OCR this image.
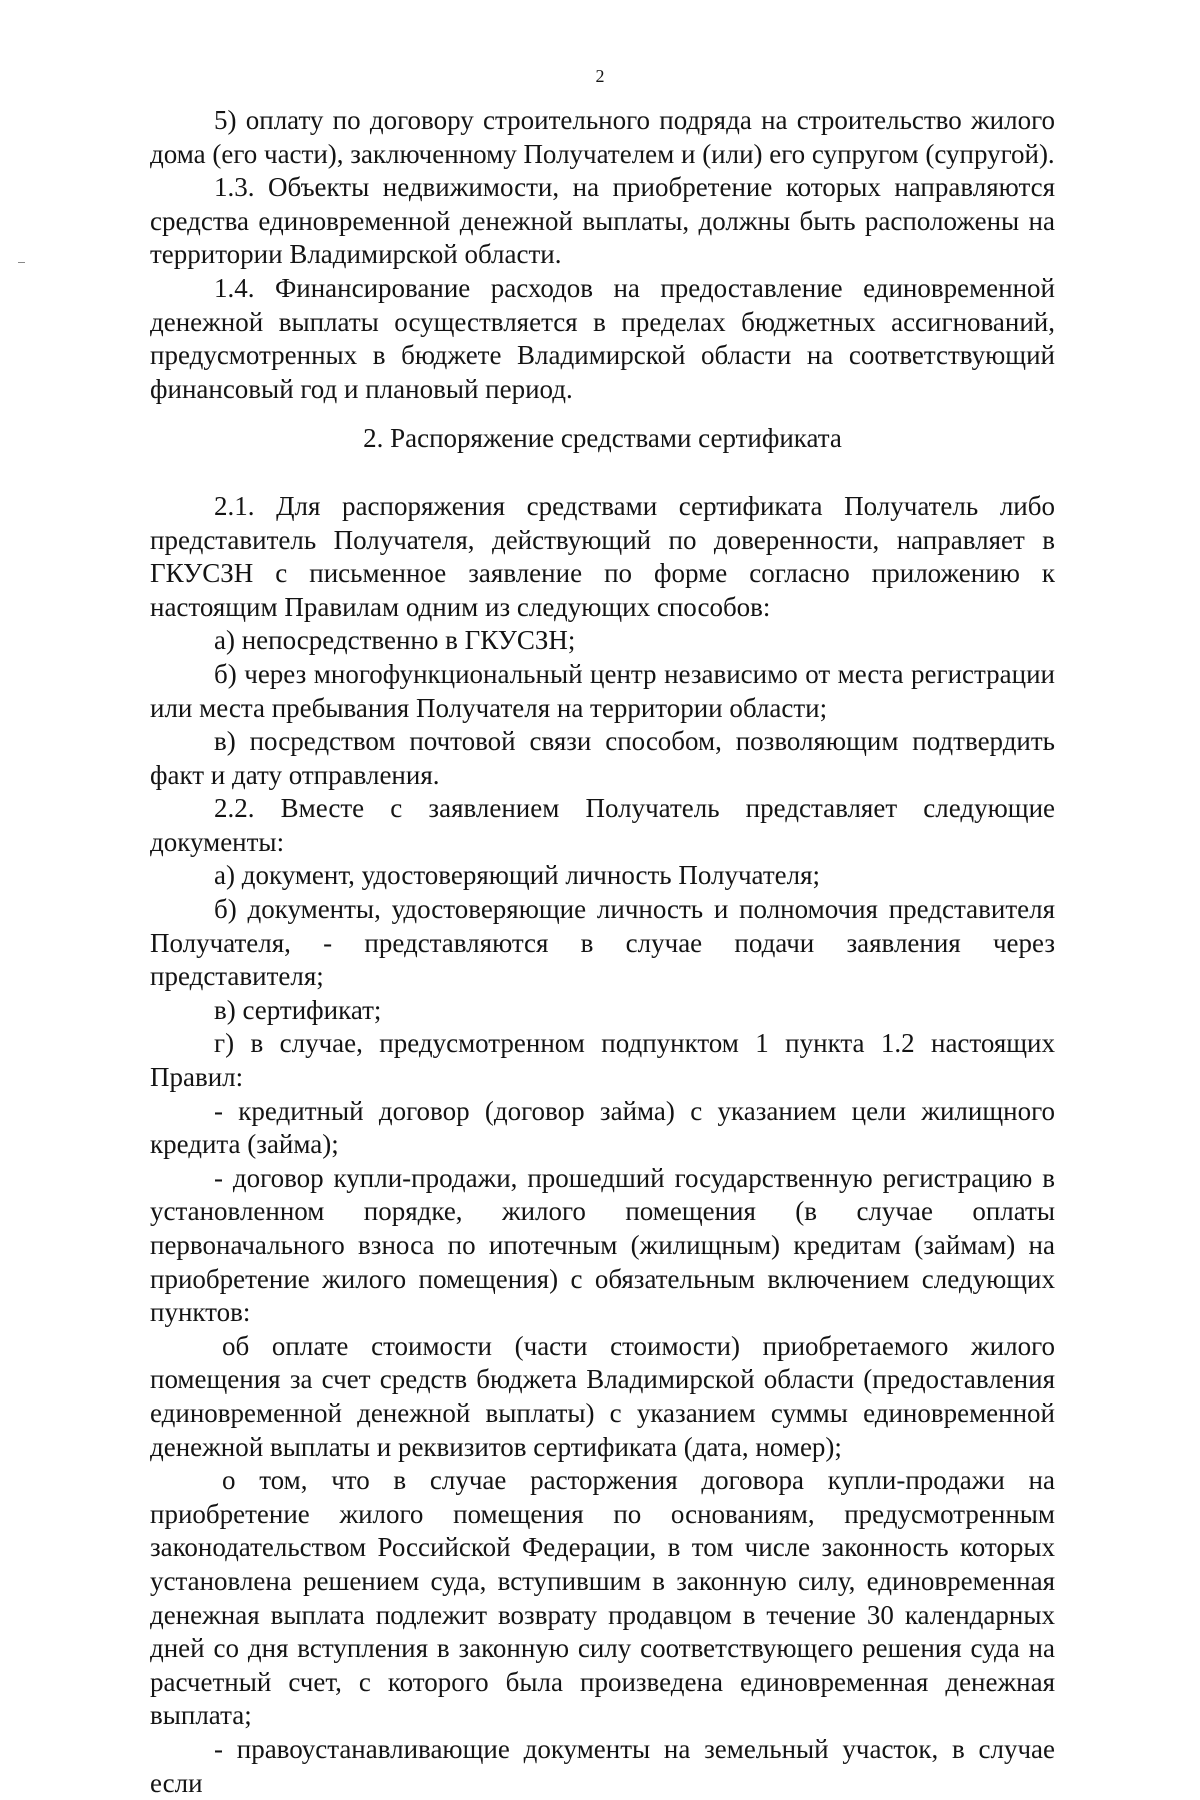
2

5) оплату по договору строительного подряда на строительство жилого дома (его части), заключенному Получателем и (или) его супругом (супругой).

1.3. Объекты недвижимости, на приобретение которых направляются средства единовременной денежной выплаты, должны быть расположены на территории Владимирской области.

1.4. Финансирование расходов на предоставление единовременной денежной выплаты осуществляется в пределах бюджетных ассигнований, предусмотренных в бюджете Владимирской области на соответствующий финансовый год и плановый период.

2. Распоряжение средствами сертификата

2.1. Для распоряжения средствами сертификата Получатель либо представитель Получателя, действующий по доверенности, направляет в ГКУСЗН с письменное заявление по форме согласно приложению к настоящим Правилам одним из следующих способов:

а) непосредственно в ГКУСЗН;

б) через многофункциональный центр независимо от места регистрации или места пребывания Получателя на территории области;

в) посредством почтовой связи способом, позволяющим подтвердить факт и дату отправления.

2.2. Вместе с заявлением Получатель представляет следующие документы:

а) документ, удостоверяющий личность Получателя;

б) документы, удостоверяющие личность и полномочия представителя Получателя, - представляются в случае подачи заявления через представителя;

в) сертификат;

г) в случае, предусмотренном подпунктом 1 пункта 1.2 настоящих Правил:

- кредитный договор (договор займа) с указанием цели жилищного кредита (займа);

- договор купли-продажи, прошедший государственную регистрацию в установленном порядке, жилого помещения (в случае оплаты первоначального взноса по ипотечным (жилищным) кредитам (займам) на приобретение жилого помещения) с обязательным включением следующих пунктов:

об оплате стоимости (части стоимости) приобретаемого жилого помещения за счет средств бюджета Владимирской области (предоставления единовременной денежной выплаты) с указанием суммы единовременной денежной выплаты и реквизитов сертификата (дата, номер);

о том, что в случае расторжения договора купли-продажи на приобретение жилого помещения по основаниям, предусмотренным законодательством Российской Федерации, в том числе законность которых установлена решением суда, вступившим в законную силу, единовременная денежная выплата подлежит возврату продавцом в течение 30 календарных дней со дня вступления в законную силу соответствующего решения суда на расчетный счет, с которого была произведена единовременная денежная выплата;

- правоустанавливающие документы на земельный участок, в случае если
